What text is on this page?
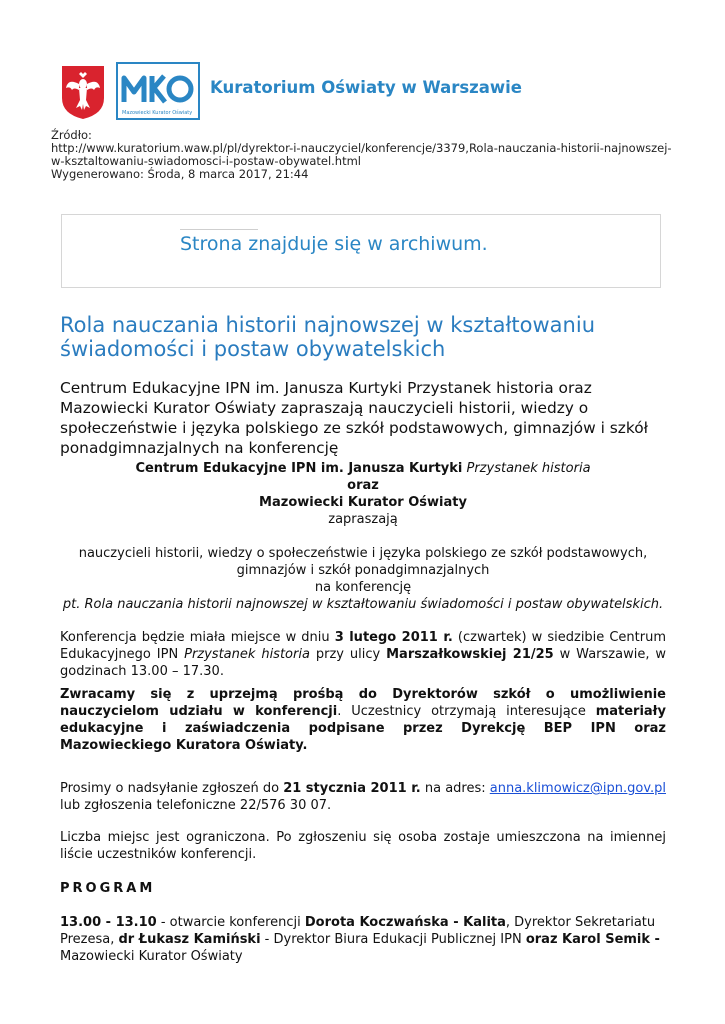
Mazowiecki Kurator Oświaty
Kuratorium Oświaty w Warszawie
Źródło:
http://www.kuratorium.waw.pl/pl/dyrektor-i-nauczyciel/konferencje/3379,Rola-nauczania-historii-najnowszej-w-ksztaltowaniu-swiadomosci-i-postaw-obywatel.html
Wygenerowano: Środa, 8 marca 2017, 21:44
Strona znajduje się w archiwum.
Rola nauczania historii najnowszej w kształtowaniu świadomości i postaw obywatelskich
Centrum Edukacyjne IPN im. Janusza Kurtyki Przystanek historia oraz Mazowiecki Kurator Oświaty zapraszają nauczycieli historii, wiedzy o społeczeństwie i języka polskiego ze szkół podstawowych, gimnazjów i szkół ponadgimnazjalnych na konferencję

Centrum Edukacyjne IPN im. Janusza Kurtyki Przystanek historia

oraz

Mazowiecki Kurator Oświaty

zapraszają

nauczycieli historii, wiedzy o społeczeństwie i języka polskiego ze szkół podstawowych,

gimnazjów i szkół ponadgimnazjalnych

na konferencję

pt. Rola nauczania historii najnowszej w kształtowaniu świadomości i postaw obywatelskich.

Konferencja będzie miała miejsce w dniu 3 lutego 2011 r. (czwartek) w siedzibie Centrum Edukacyjnego IPN Przystanek historia przy ulicy Marszałkowskiej 21/25 w Warszawie, w godzinach 13.00 – 17.30.
Zwracamy się z uprzejmą prośbą do Dyrektorów szkół o umożliwienie nauczycielom udziału w konferencji. Uczestnicy otrzymają interesujące materiały edukacyjne i zaświadczenia podpisane przez Dyrekcję BEP IPN oraz Mazowieckiego Kuratora Oświaty.
Prosimy o nadsyłanie zgłoszeń do 21 stycznia 2011 r. na adres: anna.klimowicz@ipn.gov.pl
lub zgłoszenia telefoniczne 22/576 30 07.
Liczba miejsc jest ograniczona. Po zgłoszeniu się osoba zostaje umieszczona na imiennej liście uczestników konferencji.
PROGRAM
13.00 - 13.10 - otwarcie konferencji Dorota Koczwańska - Kalita, Dyrektor Sekretariatu Prezesa, dr Łukasz Kamiński - Dyrektor Biura Edukacji Publicznej IPN oraz Karol Semik - Mazowiecki Kurator Oświaty
